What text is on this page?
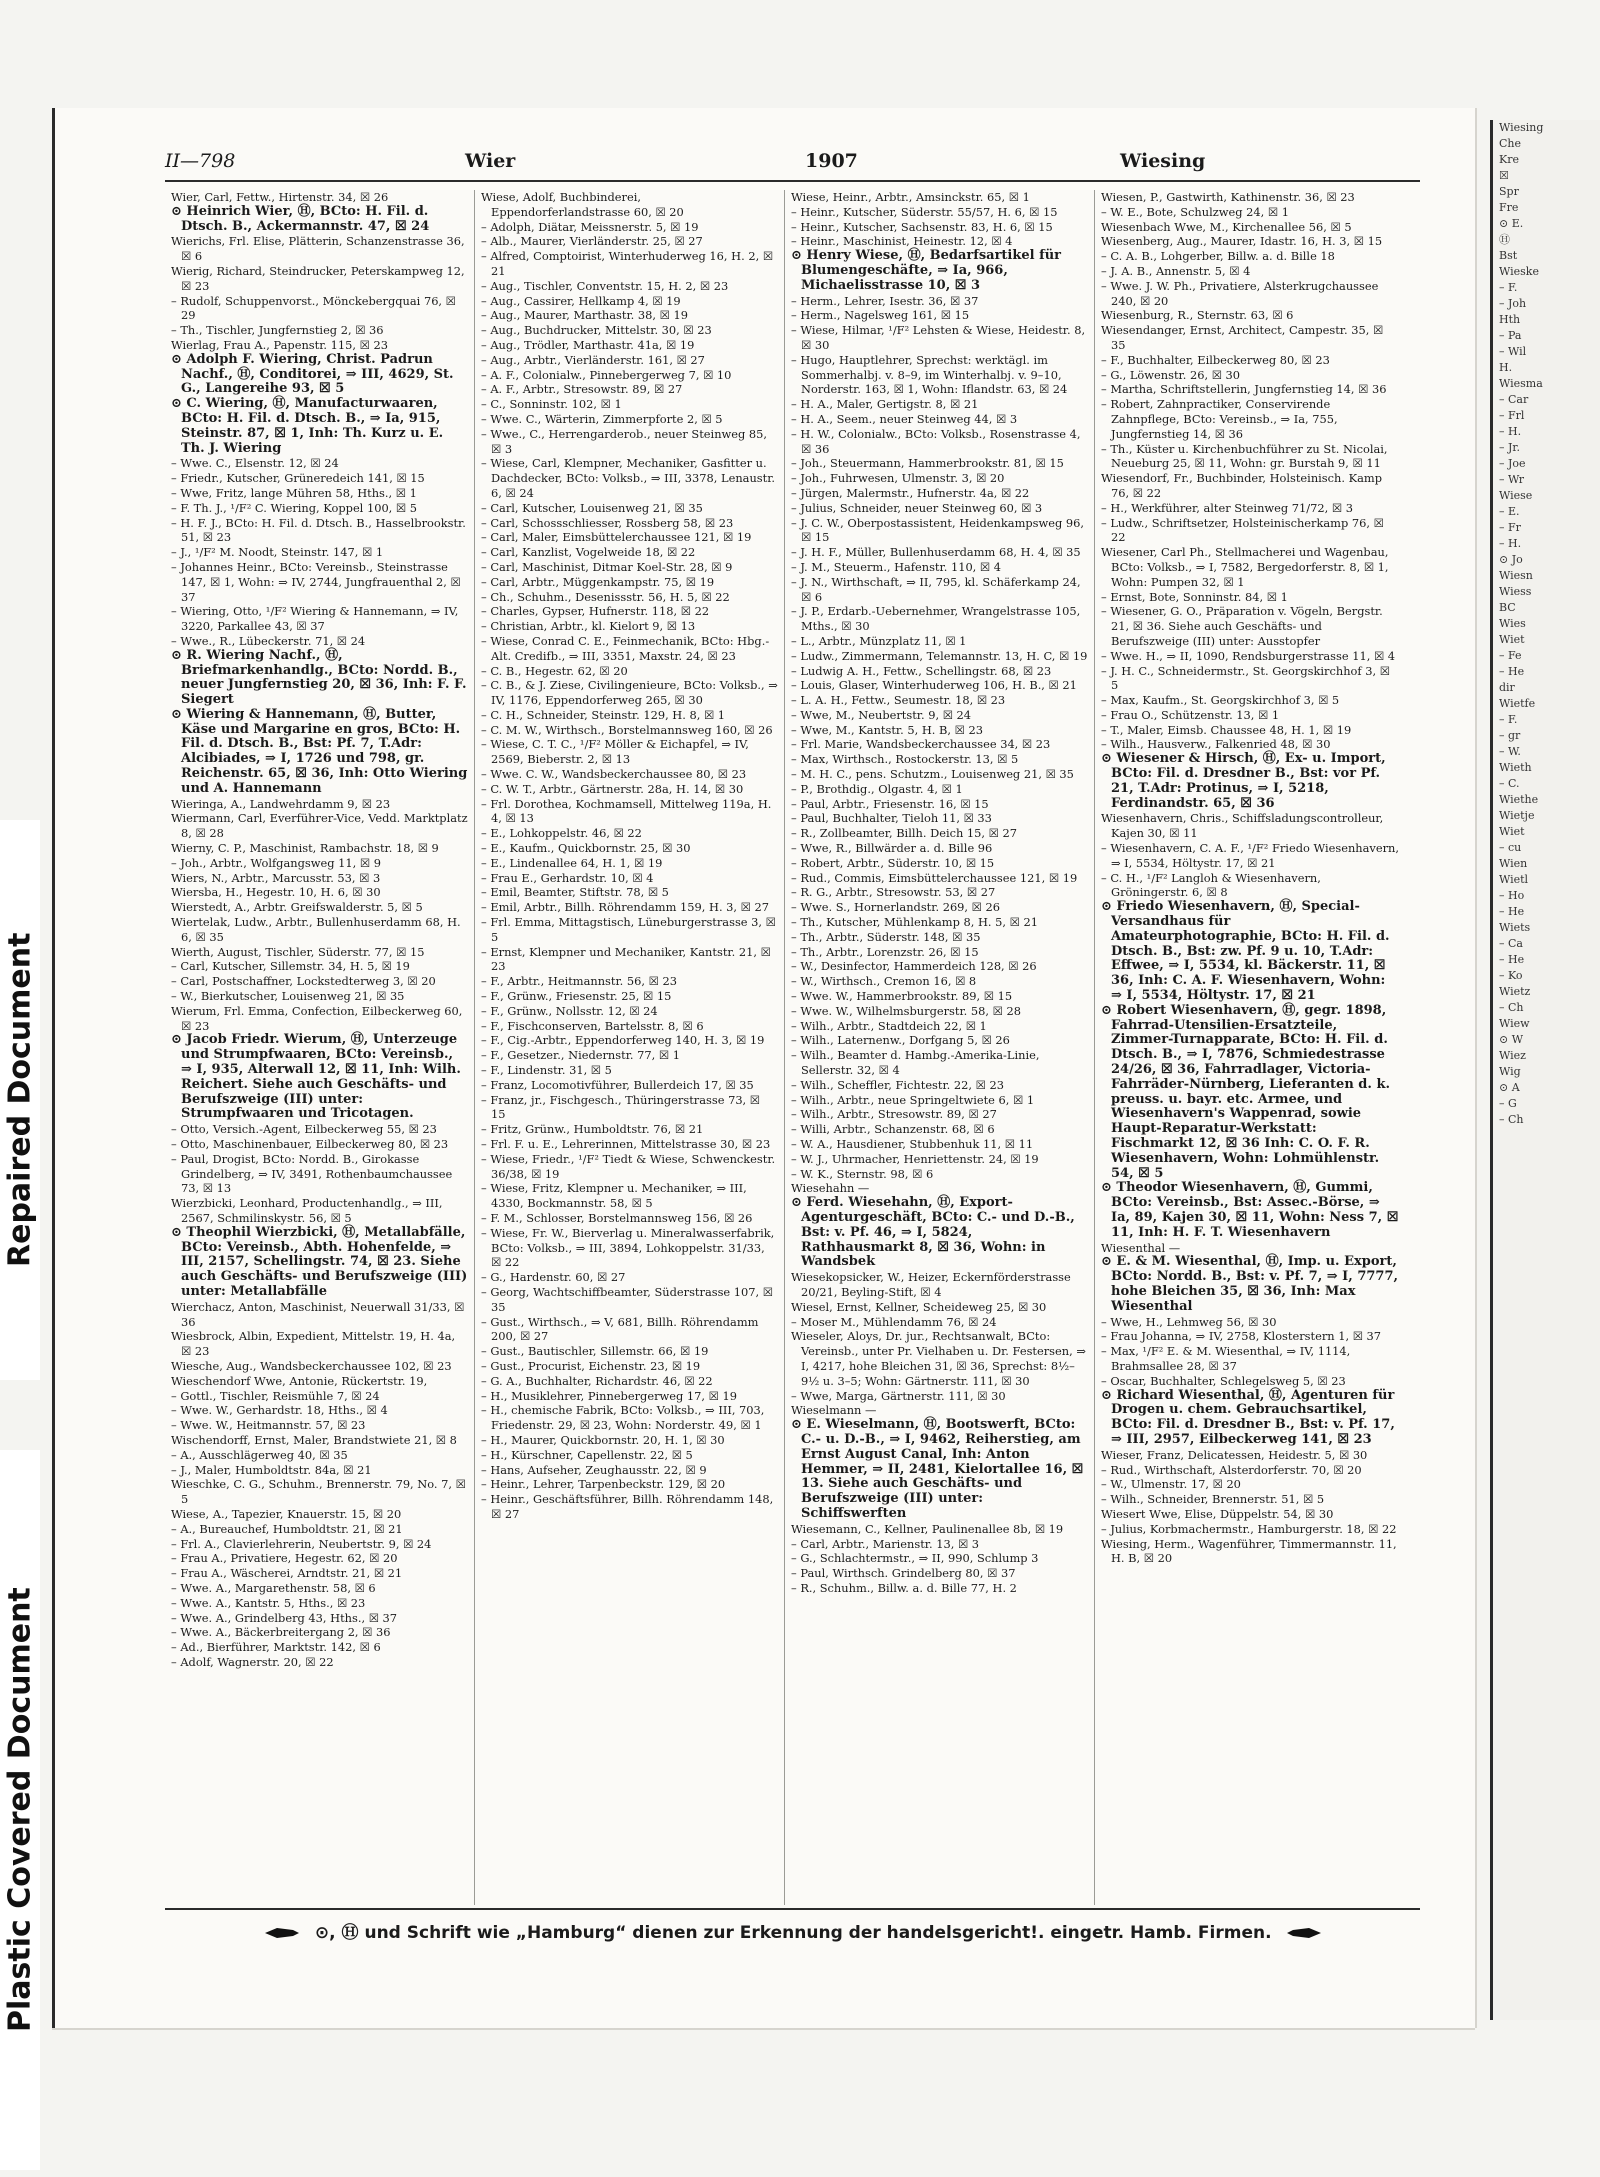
Repaired Document
Plastic Covered Document
II—798	Wier	1907	Wiesing
Wier, Carl, Fettw., Hirtenstr. 34, ☒ 26
⊙ Heinrich Wier, Ⓗ, BCto: H. Fil. d. Dtsch. B., Ackermannstr. 47, ☒ 24
Wierichs, Frl. Elise, Plätterin, Schanzenstrasse 36, ☒ 6
Wierig, Richard, Steindrucker, Peterskampweg 12, ☒ 23
– Rudolf, Schuppenvorst., Mönckebergquai 76, ☒ 29
– Th., Tischler, Jungfernstieg 2, ☒ 36
Wierlag, Frau A., Papenstr. 115, ☒ 23
⊙ Adolph F. Wiering, Christ. Padrun Nachf., Ⓗ, Conditorei, ⇒ III, 4629, St. G., Langereihe 93, ☒ 5
⊙ C. Wiering, Ⓗ, Manufacturwaaren, BCto: H. Fil. d. Dtsch. B., ⇒ Ia, 915, Steinstr. 87, ☒ 1, Inh: Th. Kurz u. E. Th. J. Wiering
– Wwe. C., Elsenstr. 12, ☒ 24
– Friedr., Kutscher, Grüneredeich 141, ☒ 15
– Wwe, Fritz, lange Mühren 58, Hths., ☒ 1
– F. Th. J., ¹/F² C. Wiering, Koppel 100, ☒ 5
– H. F. J., BCto: H. Fil. d. Dtsch. B., Hasselbrookstr. 51, ☒ 23
– J., ¹/F² M. Noodt, Steinstr. 147, ☒ 1
– Johannes Heinr., BCto: Vereinsb., Steinstrasse 147, ☒ 1, Wohn: ⇒ IV, 2744, Jungfrauenthal 2, ☒ 37
– Wiering, Otto, ¹/F² Wiering & Hannemann, ⇒ IV, 3220, Parkallee 43, ☒ 37
– Wwe., R., Lübeckerstr. 71, ☒ 24
⊙ R. Wiering Nachf., Ⓗ, Briefmarkenhandlg., BCto: Nordd. B., neuer Jungfernstieg 20, ☒ 36, Inh: F. F. Siegert
⊙ Wiering & Hannemann, Ⓗ, Butter, Käse und Margarine en gros, BCto: H. Fil. d. Dtsch. B., Bst: Pf. 7, T.Adr: Alcibiades, ⇒ I, 1726 und 798, gr. Reichenstr. 65, ☒ 36, Inh: Otto Wiering und A. Hannemann
Wieringa, A., Landwehrdamm 9, ☒ 23
Wiermann, Carl, Everführer-Vice, Vedd. Marktplatz 8, ☒ 28
Wierny, C. P., Maschinist, Rambachstr. 18, ☒ 9
– Joh., Arbtr., Wolfgangsweg 11, ☒ 9
Wiers, N., Arbtr., Marcusstr. 53, ☒ 3
Wiersba, H., Hegestr. 10, H. 6, ☒ 30
Wierstedt, A., Arbtr. Greifswalderstr. 5, ☒ 5
Wiertelak, Ludw., Arbtr., Bullenhuserdamm 68, H. 6, ☒ 35
Wierth, August, Tischler, Süderstr. 77, ☒ 15
– Carl, Kutscher, Sillemstr. 34, H. 5, ☒ 19
– Carl, Postschaffner, Lockstedterweg 3, ☒ 20
– W., Bierkutscher, Louisenweg 21, ☒ 35
Wierum, Frl. Emma, Confection, Eilbeckerweg 60, ☒ 23
⊙ Jacob Friedr. Wierum, Ⓗ, Unterzeuge und Strumpfwaaren, BCto: Vereinsb., ⇒ I, 935, Alterwall 12, ☒ 11, Inh: Wilh. Reichert. Siehe auch Geschäfts- und Berufszweige (III) unter: Strumpfwaaren und Tricotagen.
– Otto, Versich.-Agent, Eilbeckerweg 55, ☒ 23
– Otto, Maschinenbauer, Eilbeckerweg 80, ☒ 23
– Paul, Drogist, BCto: Nordd. B., Girokasse Grindelberg, ⇒ IV, 3491, Rothenbaumchaussee 73, ☒ 13
Wierzbicki, Leonhard, Productenhandlg., ⇒ III, 2567, Schmilinskystr. 56, ☒ 5
⊙ Theophil Wierzbicki, Ⓗ, Metallabfälle, BCto: Vereinsb., Abth. Hohenfelde, ⇒ III, 2157, Schellingstr. 74, ☒ 23. Siehe auch Geschäfts- und Berufszweige (III) unter: Metallabfälle
Wierchacz, Anton, Maschinist, Neuerwall 31/33, ☒ 36
Wiesbrock, Albin, Expedient, Mittelstr. 19, H. 4a, ☒ 23
Wiesche, Aug., Wandsbeckerchaussee 102, ☒ 23
Wieschendorf Wwe, Antonie, Rückertstr. 19,
– Gottl., Tischler, Reismühle 7, ☒ 24
– Wwe. W., Gerhardstr. 18, Hths., ☒ 4
– Wwe. W., Heitmannstr. 57, ☒ 23
Wischendorff, Ernst, Maler, Brandstwiete 21, ☒ 8
– A., Ausschlägerweg 40, ☒ 35
– J., Maler, Humboldtstr. 84a, ☒ 21
Wieschke, C. G., Schuhm., Brennerstr. 79, No. 7, ☒ 5
Wiese, A., Tapezier, Knauerstr. 15, ☒ 20
– A., Bureauchef, Humboldtstr. 21, ☒ 21
– Frl. A., Clavierlehrerin, Neubertstr. 9, ☒ 24
– Frau A., Privatiere, Hegestr. 62, ☒ 20
– Frau A., Wäscherei, Arndtstr. 21, ☒ 21
– Wwe. A., Margarethenstr. 58, ☒ 6
– Wwe. A., Kantstr. 5, Hths., ☒ 23
– Wwe. A., Grindelberg 43, Hths., ☒ 37
– Wwe. A., Bäckerbreitergang 2, ☒ 36
– Ad., Bierführer, Marktstr. 142, ☒ 6
– Adolf, Wagnerstr. 20, ☒ 22
Wiese, Adolf, Buchbinderei, Eppendorferlandstrasse 60, ☒ 20
– Adolph, Diätar, Meissnerstr. 5, ☒ 19
– Alb., Maurer, Vierländerstr. 25, ☒ 27
– Alfred, Comptoirist, Winterhuderweg 16, H. 2, ☒ 21
– Aug., Tischler, Conventstr. 15, H. 2, ☒ 23
– Aug., Cassirer, Hellkamp 4, ☒ 19
– Aug., Maurer, Marthastr. 38, ☒ 19
– Aug., Buchdrucker, Mittelstr. 30, ☒ 23
– Aug., Trödler, Marthastr. 41a, ☒ 19
– Aug., Arbtr., Vierländerstr. 161, ☒ 27
– A. F., Colonialw., Pinnebergerweg 7, ☒ 10
– A. F., Arbtr., Stresowstr. 89, ☒ 27
– C., Sonninstr. 102, ☒ 1
– Wwe. C., Wärterin, Zimmerpforte 2, ☒ 5
– Wwe., C., Herrengarderob., neuer Steinweg 85, ☒ 3
– Wiese, Carl, Klempner, Mechaniker, Gasfitter u. Dachdecker, BCto: Volksb., ⇒ III, 3378, Lenaustr. 6, ☒ 24
– Carl, Kutscher, Louisenweg 21, ☒ 35
– Carl, Schossschliesser, Rossberg 58, ☒ 23
– Carl, Maler, Eimsbüttelerchaussee 121, ☒ 19
– Carl, Kanzlist, Vogelweide 18, ☒ 22
– Carl, Maschinist, Ditmar Koel-Str. 28, ☒ 9
– Carl, Arbtr., Müggenkampstr. 75, ☒ 19
– Ch., Schuhm., Desenissstr. 56, H. 5, ☒ 22
– Charles, Gypser, Hufnerstr. 118, ☒ 22
– Christian, Arbtr., kl. Kielort 9, ☒ 13
– Wiese, Conrad C. E., Feinmechanik, BCto: Hbg.-Alt. Credifb., ⇒ III, 3351, Maxstr. 24, ☒ 23
– C. B., Hegestr. 62, ☒ 20
– C. B., & J. Ziese, Civilingenieure, BCto: Volksb., ⇒ IV, 1176, Eppendorferweg 265, ☒ 30
– C. H., Schneider, Steinstr. 129, H. 8, ☒ 1
– C. M. W., Wirthsch., Borstelmannsweg 160, ☒ 26
– Wiese, C. T. C., ¹/F² Möller & Eichapfel, ⇒ IV, 2569, Bieberstr. 2, ☒ 13
– Wwe. C. W., Wandsbeckerchaussee 80, ☒ 23
– C. W. T., Arbtr., Gärtnerstr. 28a, H. 14, ☒ 30
– Frl. Dorothea, Kochmamsell, Mittelweg 119a, H. 4, ☒ 13
– E., Lohkoppelstr. 46, ☒ 22
– E., Kaufm., Quickbornstr. 25, ☒ 30
– E., Lindenallee 64, H. 1, ☒ 19
– Frau E., Gerhardstr. 10, ☒ 4
– Emil, Beamter, Stiftstr. 78, ☒ 5
– Emil, Arbtr., Billh. Röhrendamm 159, H. 3, ☒ 27
– Frl. Emma, Mittagstisch, Lüneburgerstrasse 3, ☒ 5
– Ernst, Klempner und Mechaniker, Kantstr. 21, ☒ 23
– F., Arbtr., Heitmannstr. 56, ☒ 23
– F., Grünw., Friesenstr. 25, ☒ 15
– F., Grünw., Nollsstr. 12, ☒ 24
– F., Fischconserven, Bartelsstr. 8, ☒ 6
– F., Cig.-Arbtr., Eppendorferweg 140, H. 3, ☒ 19
– F., Gesetzer., Niedernstr. 77, ☒ 1
– F., Lindenstr. 31, ☒ 5
– Franz, Locomotivführer, Bullerdeich 17, ☒ 35
– Franz, jr., Fischgesch., Thüringerstrasse 73, ☒ 15
– Fritz, Grünw., Humboldtstr. 76, ☒ 21
– Frl. F. u. E., Lehrerinnen, Mittelstrasse 30, ☒ 23
– Wiese, Friedr., ¹/F² Tiedt & Wiese, Schwenckestr. 36/38, ☒ 19
– Wiese, Fritz, Klempner u. Mechaniker, ⇒ III, 4330, Bockmannstr. 58, ☒ 5
– F. M., Schlosser, Borstelmannsweg 156, ☒ 26
– Wiese, Fr. W., Bierverlag u. Mineralwasserfabrik, BCto: Volksb., ⇒ III, 3894, Lohkoppelstr. 31/33, ☒ 22
– G., Hardenstr. 60, ☒ 27
– Georg, Wachtschiffbeamter, Süderstrasse 107, ☒ 35
– Gust., Wirthsch., ⇒ V, 681, Billh. Röhrendamm 200, ☒ 27
– Gust., Bautischler, Sillemstr. 66, ☒ 19
– Gust., Procurist, Eichenstr. 23, ☒ 19
– G. A., Buchhalter, Richardstr. 46, ☒ 22
– H., Musiklehrer, Pinnebergerweg 17, ☒ 19
– H., chemische Fabrik, BCto: Volksb., ⇒ III, 703, Friedenstr. 29, ☒ 23, Wohn: Norderstr. 49, ☒ 1
– H., Maurer, Quickbornstr. 20, H. 1, ☒ 30
– H., Kürschner, Capellenstr. 22, ☒ 5
– Hans, Aufseher, Zeughausstr. 22, ☒ 9
– Heinr., Lehrer, Tarpenbeckstr. 129, ☒ 20
– Heinr., Geschäftsführer, Billh. Röhrendamm 148, ☒ 27
Wiese, Heinr., Arbtr., Amsinckstr. 65, ☒ 1
– Heinr., Kutscher, Süderstr. 55/57, H. 6, ☒ 15
– Heinr., Kutscher, Sachsenstr. 83, H. 6, ☒ 15
– Heinr., Maschinist, Heinestr. 12, ☒ 4
⊙ Henry Wiese, Ⓗ, Bedarfsartikel für Blumengeschäfte, ⇒ Ia, 966, Michaelisstrasse 10, ☒ 3
– Herm., Lehrer, Isestr. 36, ☒ 37
– Herm., Nagelsweg 161, ☒ 15
– Wiese, Hilmar, ¹/F² Lehsten & Wiese, Heidestr. 8, ☒ 30
– Hugo, Hauptlehrer, Sprechst: werktägl. im Sommerhalbj. v. 8–9, im Winterhalbj. v. 9–10, Norderstr. 163, ☒ 1, Wohn: Iflandstr. 63, ☒ 24
– H. A., Maler, Gertigstr. 8, ☒ 21
– H. A., Seem., neuer Steinweg 44, ☒ 3
– H. W., Colonialw., BCto: Volksb., Rosenstrasse 4, ☒ 36
– Joh., Steuermann, Hammerbrookstr. 81, ☒ 15
– Joh., Fuhrwesen, Ulmenstr. 3, ☒ 20
– Jürgen, Malermstr., Hufnerstr. 4a, ☒ 22
– Julius, Schneider, neuer Steinweg 60, ☒ 3
– J. C. W., Oberpostassistent, Heidenkampsweg 96, ☒ 15
– J. H. F., Müller, Bullenhuserdamm 68, H. 4, ☒ 35
– J. M., Steuerm., Hafenstr. 110, ☒ 4
– J. N., Wirthschaft, ⇒ II, 795, kl. Schäferkamp 24, ☒ 6
– J. P., Erdarb.-Uebernehmer, Wrangelstrasse 105, Mths., ☒ 30
– L., Arbtr., Münzplatz 11, ☒ 1
– Ludw., Zimmermann, Telemannstr. 13, H. C, ☒ 19
– Ludwig A. H., Fettw., Schellingstr. 68, ☒ 23
– Louis, Glaser, Winterhuderweg 106, H. B., ☒ 21
– L. A. H., Fettw., Seumestr. 18, ☒ 23
– Wwe, M., Neubertstr. 9, ☒ 24
– Wwe, M., Kantstr. 5, H. B, ☒ 23
– Frl. Marie, Wandsbeckerchaussee 34, ☒ 23
– Max, Wirthsch., Rostockerstr. 13, ☒ 5
– M. H. C., pens. Schutzm., Louisenweg 21, ☒ 35
– P., Brothdig., Olgastr. 4, ☒ 1
– Paul, Arbtr., Friesenstr. 16, ☒ 15
– Paul, Buchhalter, Tieloh 11, ☒ 33
– R., Zollbeamter, Billh. Deich 15, ☒ 27
– Wwe, R., Billwärder a. d. Bille 96
– Robert, Arbtr., Süderstr. 10, ☒ 15
– Rud., Commis, Eimsbüttelerchaussee 121, ☒ 19
– R. G., Arbtr., Stresowstr. 53, ☒ 27
– Wwe. S., Hornerlandstr. 269, ☒ 26
– Th., Kutscher, Mühlenkamp 8, H. 5, ☒ 21
– Th., Arbtr., Süderstr. 148, ☒ 35
– Th., Arbtr., Lorenzstr. 26, ☒ 15
– W., Desinfector, Hammerdeich 128, ☒ 26
– W., Wirthsch., Cremon 16, ☒ 8
– Wwe. W., Hammerbrookstr. 89, ☒ 15
– Wwe. W., Wilhelmsburgerstr. 58, ☒ 28
– Wilh., Arbtr., Stadtdeich 22, ☒ 1
– Wilh., Laternenw., Dorfgang 5, ☒ 26
– Wilh., Beamter d. Hambg.-Amerika-Linie, Sellerstr. 32, ☒ 4
– Wilh., Scheffler, Fichtestr. 22, ☒ 23
– Wilh., Arbtr., neue Springeltwiete 6, ☒ 1
– Wilh., Arbtr., Stresowstr. 89, ☒ 27
– Willi, Arbtr., Schanzenstr. 68, ☒ 6
– W. A., Hausdiener, Stubbenhuk 11, ☒ 11
– W. J., Uhrmacher, Henriettenstr. 24, ☒ 19
– W. K., Sternstr. 98, ☒ 6
Wiesehahn —
⊙ Ferd. Wiesehahn, Ⓗ, Export-Agenturgeschäft, BCto: C.- und D.-B., Bst: v. Pf. 46, ⇒ I, 5824, Rathhausmarkt 8, ☒ 36, Wohn: in Wandsbek
Wiesekopsicker, W., Heizer, Eckernförderstrasse 20/21, Beyling-Stift, ☒ 4
Wiesel, Ernst, Kellner, Scheideweg 25, ☒ 30
– Moser M., Mühlendamm 76, ☒ 24
Wieseler, Aloys, Dr. jur., Rechtsanwalt, BCto: Vereinsb., unter Pr. Vielhaben u. Dr. Festersen, ⇒ I, 4217, hohe Bleichen 31, ☒ 36, Sprechst: 8½–9½ u. 3–5; Wohn: Gärtnerstr. 111, ☒ 30
– Wwe, Marga, Gärtnerstr. 111, ☒ 30
Wieselmann —
⊙ E. Wieselmann, Ⓗ, Bootswerft, BCto: C.- u. D.-B., ⇒ I, 9462, Reiherstieg, am Ernst August Canal, Inh: Anton Hemmer, ⇒ II, 2481, Kielortallee 16, ☒ 13. Siehe auch Geschäfts- und Berufszweige (III) unter: Schiffswerften
Wiesemann, C., Kellner, Paulinenallee 8b, ☒ 19
– Carl, Arbtr., Marienstr. 13, ☒ 3
– G., Schlachtermstr., ⇒ II, 990, Schlump 3
– Paul, Wirthsch. Grindelberg 80, ☒ 37
– R., Schuhm., Billw. a. d. Bille 77, H. 2
Wiesen, P., Gastwirth, Kathinenstr. 36, ☒ 23
– W. E., Bote, Schulzweg 24, ☒ 1
Wiesenbach Wwe, M., Kirchenallee 56, ☒ 5
Wiesenberg, Aug., Maurer, Idastr. 16, H. 3, ☒ 15
– C. A. B., Lohgerber, Billw. a. d. Bille 18
– J. A. B., Annenstr. 5, ☒ 4
– Wwe. J. W. Ph., Privatiere, Alsterkrugchaussee 240, ☒ 20
Wiesenburg, R., Sternstr. 63, ☒ 6
Wiesendanger, Ernst, Architect, Campestr. 35, ☒ 35
– F., Buchhalter, Eilbeckerweg 80, ☒ 23
– G., Löwenstr. 26, ☒ 30
– Martha, Schriftstellerin, Jungfernstieg 14, ☒ 36
– Robert, Zahnpractiker, Conservirende Zahnpflege, BCto: Vereinsb., ⇒ Ia, 755, Jungfernstieg 14, ☒ 36
– Th., Küster u. Kirchenbuchführer zu St. Nicolai, Neueburg 25, ☒ 11, Wohn: gr. Burstah 9, ☒ 11
Wiesendorf, Fr., Buchbinder, Holsteinisch. Kamp 76, ☒ 22
– H., Werkführer, alter Steinweg 71/72, ☒ 3
– Ludw., Schriftsetzer, Holsteinischerkamp 76, ☒ 22
Wiesener, Carl Ph., Stellmacherei und Wagenbau, BCto: Volksb., ⇒ I, 7582, Bergedorferstr. 8, ☒ 1, Wohn: Pumpen 32, ☒ 1
– Ernst, Bote, Sonninstr. 84, ☒ 1
– Wiesener, G. O., Präparation v. Vögeln, Bergstr. 21, ☒ 36. Siehe auch Geschäfts- und Berufszweige (III) unter: Ausstopfer
– Wwe. H., ⇒ II, 1090, Rendsburgerstrasse 11, ☒ 4
– J. H. C., Schneidermstr., St. Georgskirchhof 3, ☒ 5
– Max, Kaufm., St. Georgskirchhof 3, ☒ 5
– Frau O., Schützenstr. 13, ☒ 1
– T., Maler, Eimsb. Chaussee 48, H. 1, ☒ 19
– Wilh., Hausverw., Falkenried 48, ☒ 30
⊙ Wiesener & Hirsch, Ⓗ, Ex- u. Import, BCto: Fil. d. Dresdner B., Bst: vor Pf. 21, T.Adr: Protinus, ⇒ I, 5218, Ferdinandstr. 65, ☒ 36
Wiesenhavern, Chris., Schiffsladungscontrolleur, Kajen 30, ☒ 11
– Wiesenhavern, C. A. F., ¹/F² Friedo Wiesenhavern, ⇒ I, 5534, Höltystr. 17, ☒ 21
– C. H., ¹/F² Langloh & Wiesenhavern, Gröningerstr. 6, ☒ 8
⊙ Friedo Wiesenhavern, Ⓗ, Special-Versandhaus für Amateurphotographie, BCto: H. Fil. d. Dtsch. B., Bst: zw. Pf. 9 u. 10, T.Adr: Effwee, ⇒ I, 5534, kl. Bäckerstr. 11, ☒ 36, Inh: C. A. F. Wiesenhavern, Wohn: ⇒ I, 5534, Höltystr. 17, ☒ 21
⊙ Robert Wiesenhavern, Ⓗ, gegr. 1898, Fahrrad-Utensilien-Ersatzteile, Zimmer-Turnapparate, BCto: H. Fil. d. Dtsch. B., ⇒ I, 7876, Schmiedestrasse 24/26, ☒ 36, Fahrradlager, Victoria-Fahrräder-Nürnberg, Lieferanten d. k. preuss. u. bayr. etc. Armee, und Wiesenhavern's Wappenrad, sowie Haupt-Reparatur-Werkstatt: Fischmarkt 12, ☒ 36 Inh: C. O. F. R. Wiesenhavern, Wohn: Lohmühlenstr. 54, ☒ 5
⊙ Theodor Wiesenhavern, Ⓗ, Gummi, BCto: Vereinsb., Bst: Assec.-Börse, ⇒ Ia, 89, Kajen 30, ☒ 11, Wohn: Ness 7, ☒ 11, Inh: H. F. T. Wiesenhavern
Wiesenthal —
⊙ E. & M. Wiesenthal, Ⓗ, Imp. u. Export, BCto: Nordd. B., Bst: v. Pf. 7, ⇒ I, 7777, hohe Bleichen 35, ☒ 36, Inh: Max Wiesenthal
– Wwe, H., Lehmweg 56, ☒ 30
– Frau Johanna, ⇒ IV, 2758, Klosterstern 1, ☒ 37
– Max, ¹/F² E. & M. Wiesenthal, ⇒ IV, 1114, Brahmsallee 28, ☒ 37
– Oscar, Buchhalter, Schlegelsweg 5, ☒ 23
⊙ Richard Wiesenthal, Ⓗ, Agenturen für Drogen u. chem. Gebrauchsartikel, BCto: Fil. d. Dresdner B., Bst: v. Pf. 17, ⇒ III, 2957, Eilbeckerweg 141, ☒ 23
Wieser, Franz, Delicatessen, Heidestr. 5, ☒ 30
– Rud., Wirthschaft, Alsterdorferstr. 70, ☒ 20
– W., Ulmenstr. 17, ☒ 20
– Wilh., Schneider, Brennerstr. 51, ☒ 5
Wiesert Wwe, Elise, Düppelstr. 54, ☒ 30
– Julius, Korbmachermstr., Hamburgerstr. 18, ☒ 22
Wiesing, Herm., Wagenführer, Timmermannstr. 11, H. B, ☒ 20
⊙, Ⓗ und Schrift wie „Hamburg“ dienen zur Erkennung der handelsgericht!. eingetr. Hamb. Firmen.
Wiesing
Che
Kre
☒
Spr
Fre
⊙ E.
Ⓗ
Bst
Wieske
– F.
– Joh
Hth
– Pa
– Wil
H.
Wiesma
– Car
– Frl
– H.
– Jr.
– Joe
– Wr
Wiese
– E.
– Fr
– H.
⊙ Jo
Wiesn
Wiess
BC
Wies
Wiet
– Fe
– He
dir
Wietfe
– F.
– gr
– W.
Wieth
– C.
Wiethe
Wietje
Wiet
– cu
Wien
Wietl
– Ho
– He
Wiets
– Ca
– He
– Ko
Wietz
– Ch
Wiew
⊙ W
Wiez
Wig
⊙ A
– G
– Ch
